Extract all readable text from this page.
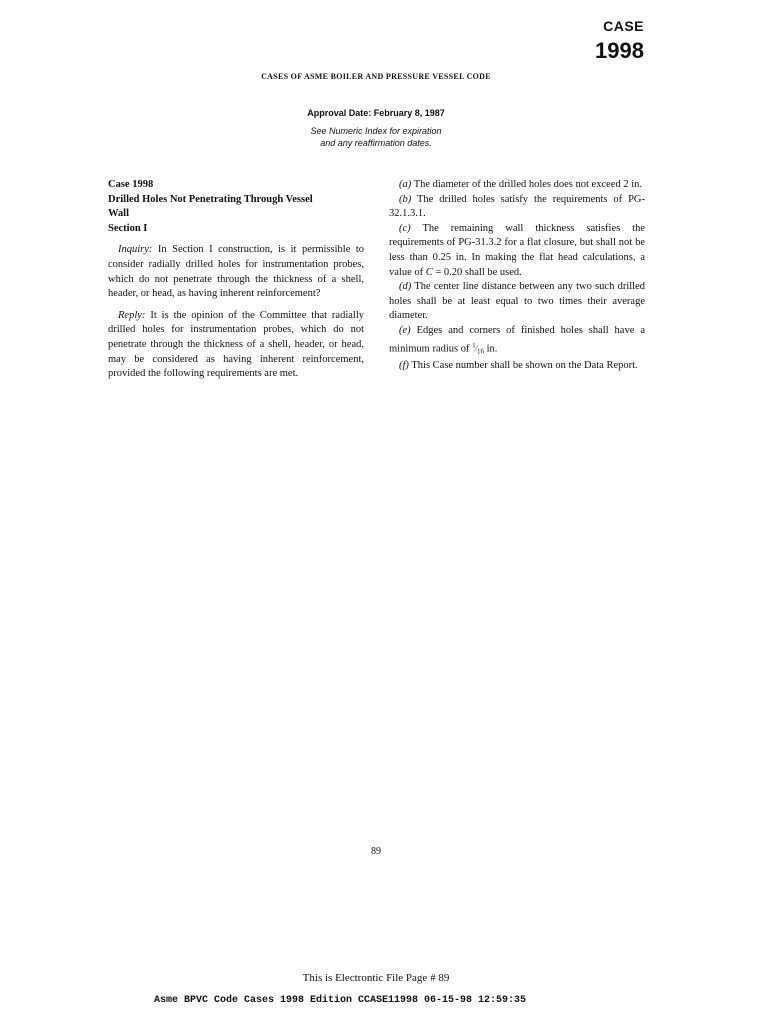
CASE
1998
CASES OF ASME BOILER AND PRESSURE VESSEL CODE
Approval Date: February 8, 1987
See Numeric Index for expiration
and any reaffirmation dates.
Case 1998
Drilled Holes Not Penetrating Through Vessel
Wall
Section I

Inquiry: In Section I construction, is it permissible to consider radially drilled holes for instrumentation probes, which do not penetrate through the thickness of a shell, header, or head, as having inherent reinforcement?

Reply: It is the opinion of the Committee that radially drilled holes for instrumentation probes, which do not penetrate through the thickness of a shell, header, or head, may be considered as having inherent reinforcement, provided the following requirements are met.

(a) The diameter of the drilled holes does not exceed 2 in.

(b) The drilled holes satisfy the requirements of PG-32.1.3.1.

(c) The remaining wall thickness satisfies the requirements of PG-31.3.2 for a flat closure, but shall not be less than 0.25 in. In making the flat head calculations, a value of C = 0.20 shall be used.

(d) The center line distance between any two such drilled holes shall be at least equal to two times their average diameter.

(e) Edges and corners of finished holes shall have a minimum radius of $^1⁄_{16}$ in.

(f) This Case number shall be shown on the Data Report.

89
This is Electrontic File Page # 89
Asme BPVC Code Cases 1998 Edition CCASE11998 06-15-98 12:59:35
